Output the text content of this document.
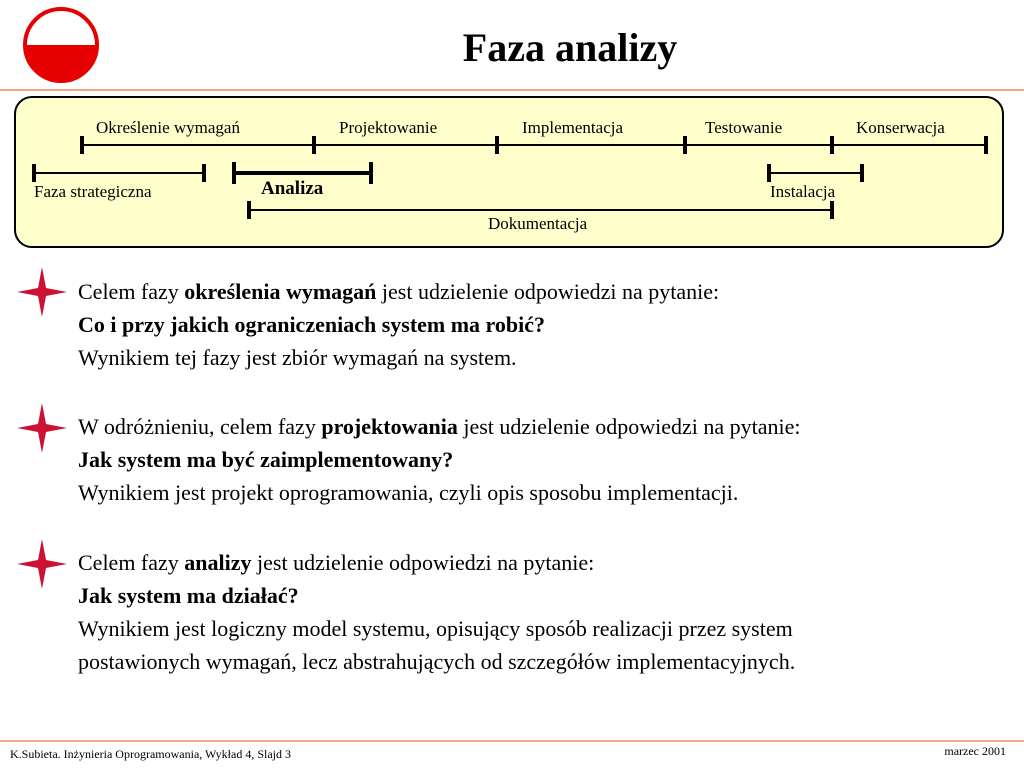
Faza analizy
Określenie wymagań	Projektowanie	Implementacja	Testowanie	Konserwacja
Faza strategiczna	Analiza	Instalacja
Dokumentacja

Celem fazy określenia wymagań jest udzielenie odpowiedzi na pytanie:

Co i przy jakich ograniczeniach system ma robić?

Wynikiem tej fazy jest zbiór wymagań na system.

W odróżnieniu, celem fazy projektowania jest udzielenie odpowiedzi na pytanie:

Jak system ma być zaimplementowany?

Wynikiem jest projekt oprogramowania, czyli opis sposobu implementacji.

Celem fazy analizy jest udzielenie odpowiedzi na pytanie:

Jak system ma działać?

Wynikiem jest logiczny model systemu, opisujący sposób realizacji przez system

postawionych wymagań, lecz abstrahujących od szczegółów implementacyjnych.

K.Subieta. Inżynieria Oprogramowania, Wykład 4, Slajd 3	marzec 2001
